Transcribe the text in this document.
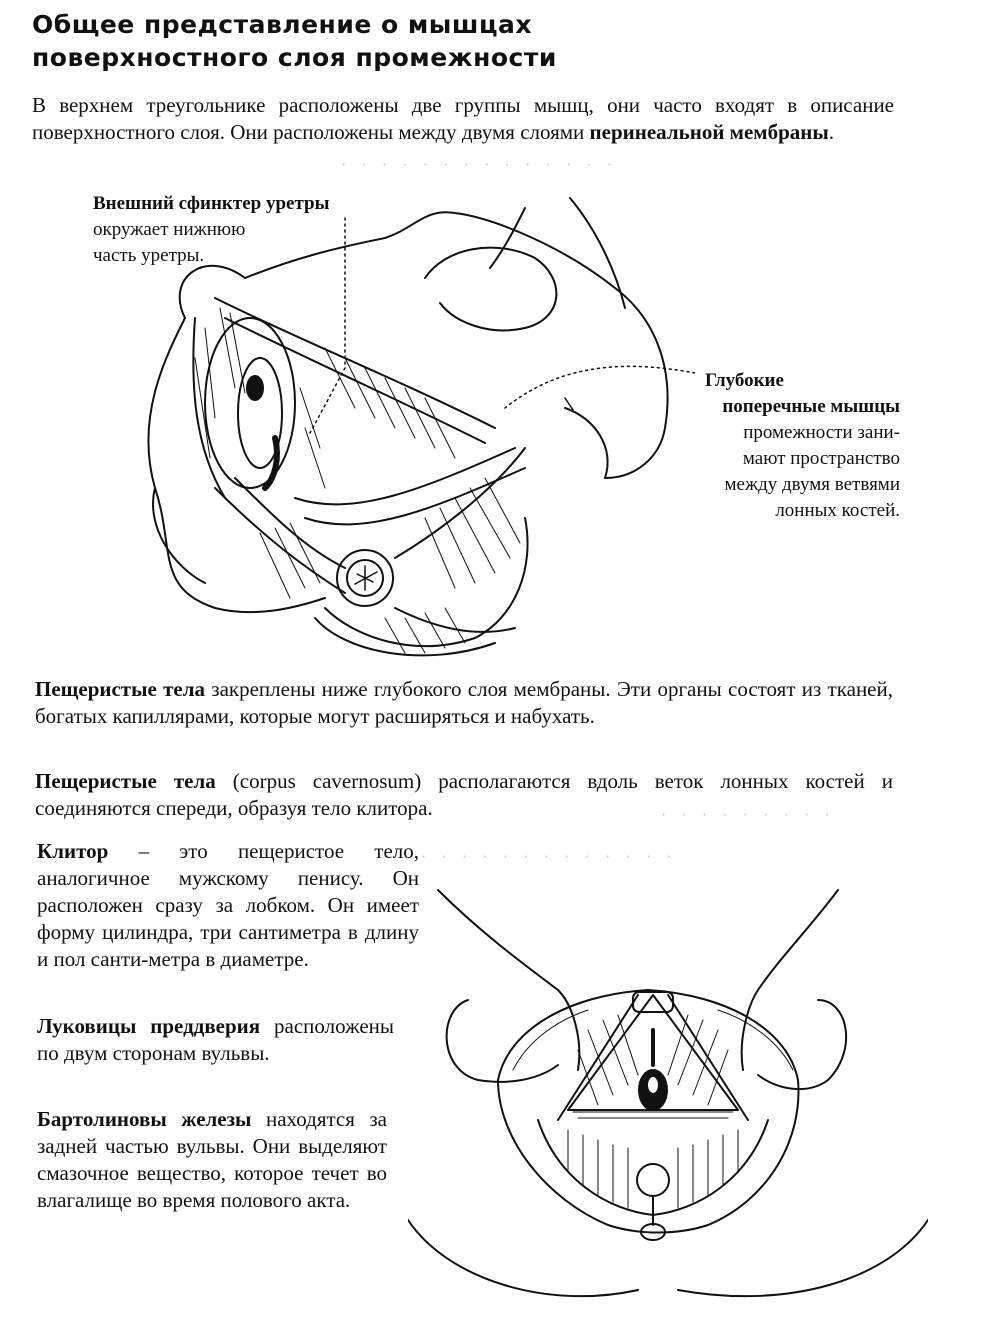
Общее представление о мышцах
поверхностного слоя промежности

В верхнем треугольнике расположены две группы мышц, они часто входят в описание поверхностного слоя. Они расположены между двумя слоями перинеальной мембраны.

· · · · · · · · · · · · · ·
Внешний сфинктер уретры
окружает нижнюю
часть уретры.
Глубокие
поперечные мышцы
промежности зани-
мают пространство
между двумя ветвями
лонных костей.

Пещеристые тела закреплены ниже глубокого слоя мембраны. Эти органы состоят из тканей, богатых капиллярами, которые могут расширяться и набухать.

Пещеристые тела (corpus cavernosum) располагаются вдоль веток лонных костей и соединяются спереди, образуя тело клитора.	· · · · · · · · ·
· · · · · · · · · · · · ·

Клитор – это пещеристое тело, аналогичное мужскому пенису. Он расположен сразу за лобком. Он имеет форму цилиндра, три сантиметра в длину и пол санти-метра в диаметре.

Луковицы преддверия расположены по двум сторонам вульвы.

Бартолиновы железы находятся за задней частью вульвы. Они выделяют смазочное вещество, которое течет во влагалище во время полового акта.
